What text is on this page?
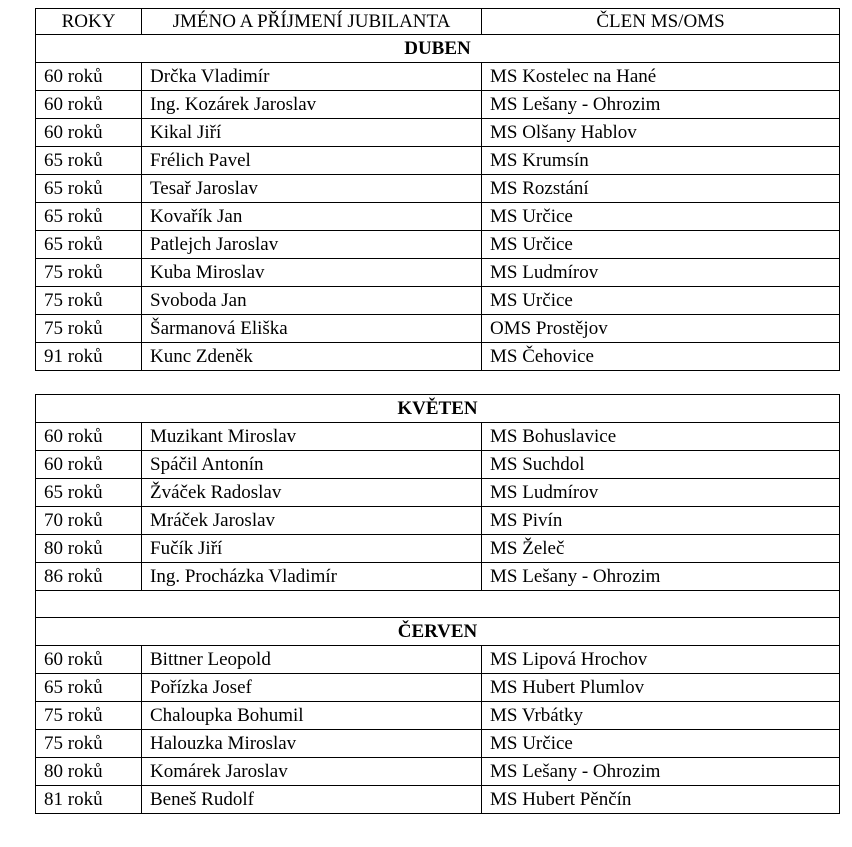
ROKY	JMÉNO A PŘÍJMENÍ JUBILANTA	ČLEN MS/OMS
DUBEN		
60 roků	Drčka Vladimír	MS Kostelec na Hané
60 roků	Ing. Kozárek Jaroslav	MS Lešany - Ohrozim
60 roků	Kikal Jiří	MS Olšany Hablov
65 roků	Frélich Pavel	MS Krumsín
65 roků	Tesař Jaroslav	MS Rozstání
65 roků	Kovařík Jan	MS Určice
65 roků	Patlejch Jaroslav	MS Určice
75 roků	Kuba Miroslav	MS Ludmírov
75 roků	Svoboda Jan	MS Určice
75 roků	Šarmanová Eliška	OMS Prostějov
91 roků	Kunc Zdeněk	MS Čehovice
KVĚTEN		
60 roků	Muzikant Miroslav	MS Bohuslavice
60 roků	Spáčil Antonín	MS Suchdol
65 roků	Žváček Radoslav	MS Ludmírov
70 roků	Mráček Jaroslav	MS Pivín
80 roků	Fučík Jiří	MS Želeč
86 roků	Ing. Procházka Vladimír	MS Lešany - Ohrozim

ČERVEN		
60 roků	Bittner Leopold	MS Lipová Hrochov
65 roků	Pořízka Josef	MS Hubert Plumlov
75 roků	Chaloupka Bohumil	MS Vrbátky
75 roků	Halouzka Miroslav	MS Určice
80 roků	Komárek Jaroslav	MS Lešany - Ohrozim
81 roků	Beneš Rudolf	MS Hubert Pěnčín
